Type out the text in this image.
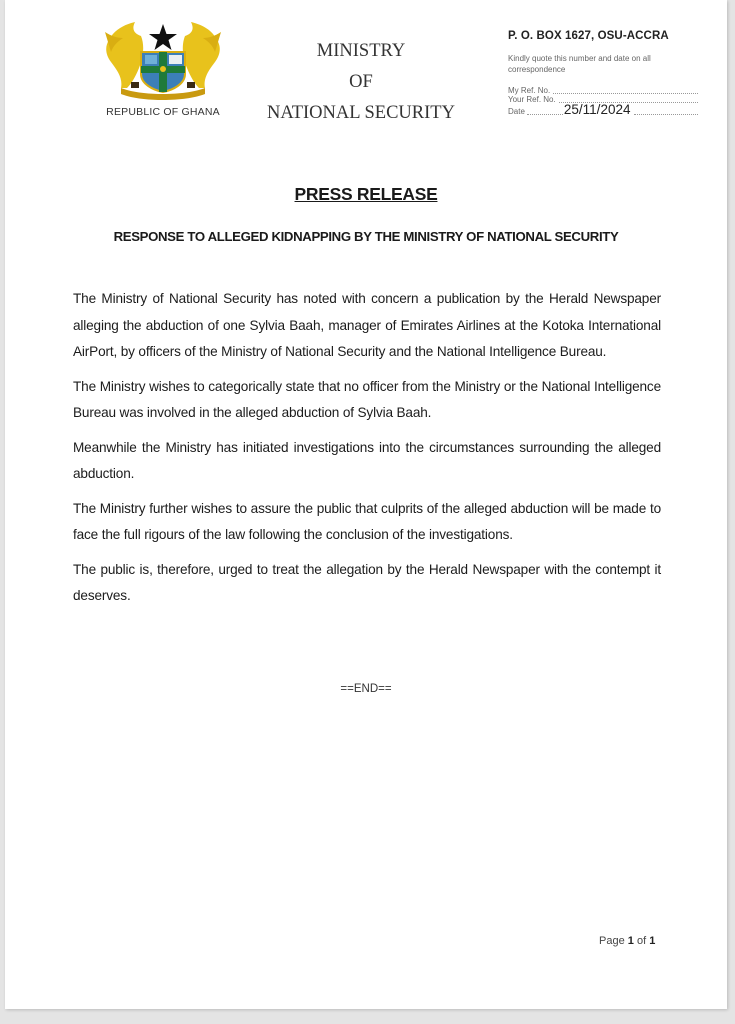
REPUBLIC OF GHANA
MINISTRY
OF
NATIONAL SECURITY
P. O. BOX 1627, OSU-ACCRA
Kindly quote this number and date on all correspondence
My Ref. No.
Your Ref. No.
Date	25/11/2024
PRESS RELEASE
RESPONSE TO ALLEGED KIDNAPPING BY THE MINISTRY OF NATIONAL SECURITY

The Ministry of National Security has noted with concern a publication by the Herald Newspaper alleging the abduction of one Sylvia Baah, manager of Emirates Airlines at the Kotoka International AirPort, by officers of the Ministry of National Security and the National Intelligence Bureau.

The Ministry wishes to categorically state that no officer from the Ministry or the National Intelligence Bureau was involved in the alleged abduction of Sylvia Baah.

Meanwhile the Ministry has initiated investigations into the circumstances surrounding the alleged abduction.

The Ministry further wishes to assure the public that culprits of the alleged abduction will be made to face the full rigours of the law following the conclusion of the investigations.

The public is, therefore, urged to treat the allegation by the Herald Newspaper with the contempt it deserves.

==END==
Page 1 of 1
